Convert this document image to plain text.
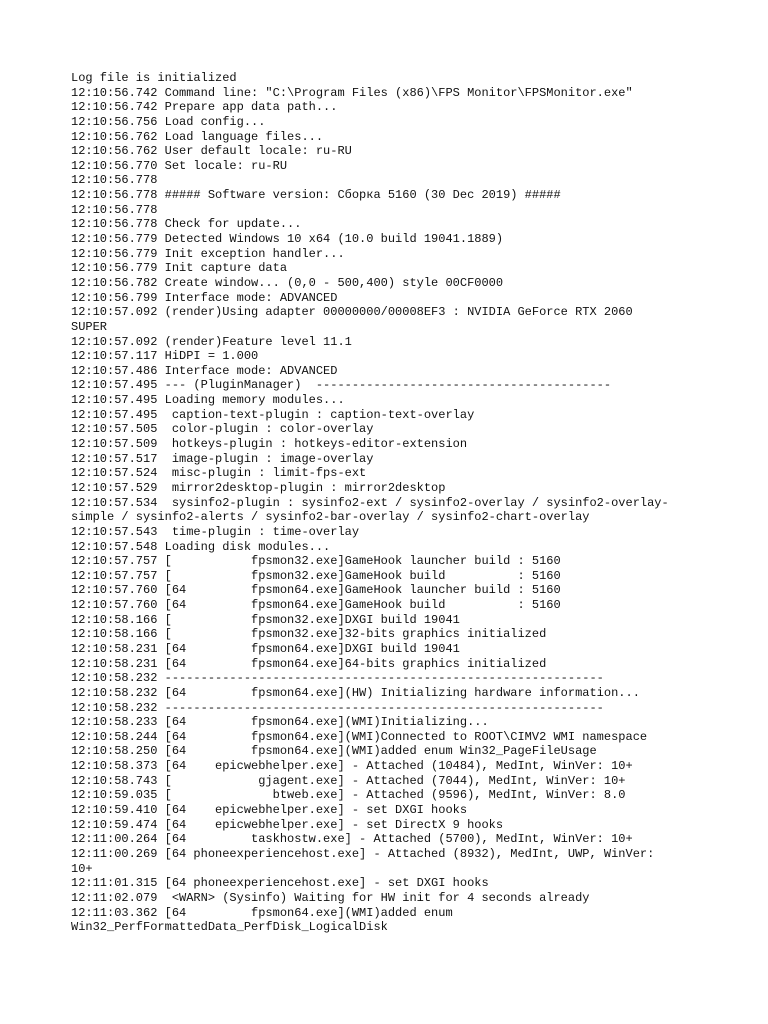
Log file is initialized
12:10:56.742 Command line: "C:\Program Files (x86)\FPS Monitor\FPSMonitor.exe"
12:10:56.742 Prepare app data path...
12:10:56.756 Load config...
12:10:56.762 Load language files...
12:10:56.762 User default locale: ru-RU
12:10:56.770 Set locale: ru-RU
12:10:56.778
12:10:56.778 ##### Software version: Сборка 5160 (30 Dec 2019) #####
12:10:56.778
12:10:56.778 Check for update...
12:10:56.779 Detected Windows 10 x64 (10.0 build 19041.1889)
12:10:56.779 Init exception handler...
12:10:56.779 Init capture data
12:10:56.782 Create window... (0,0 - 500,400) style 00CF0000
12:10:56.799 Interface mode: ADVANCED
12:10:57.092 (render)Using adapter 00000000/00008EF3 : NVIDIA GeForce RTX 2060
SUPER
12:10:57.092 (render)Feature level 11.1
12:10:57.117 HiDPI = 1.000
12:10:57.486 Interface mode: ADVANCED
12:10:57.495 --- (PluginManager)  -----------------------------------------
12:10:57.495 Loading memory modules...
12:10:57.495  caption-text-plugin : caption-text-overlay
12:10:57.505  color-plugin : color-overlay
12:10:57.509  hotkeys-plugin : hotkeys-editor-extension
12:10:57.517  image-plugin : image-overlay
12:10:57.524  misc-plugin : limit-fps-ext
12:10:57.529  mirror2desktop-plugin : mirror2desktop
12:10:57.534  sysinfo2-plugin : sysinfo2-ext / sysinfo2-overlay / sysinfo2-overlay-
simple / sysinfo2-alerts / sysinfo2-bar-overlay / sysinfo2-chart-overlay
12:10:57.543  time-plugin : time-overlay
12:10:57.548 Loading disk modules...
12:10:57.757 [           fpsmon32.exe]GameHook launcher build : 5160
12:10:57.757 [           fpsmon32.exe]GameHook build          : 5160
12:10:57.760 [64         fpsmon64.exe]GameHook launcher build : 5160
12:10:57.760 [64         fpsmon64.exe]GameHook build          : 5160
12:10:58.166 [           fpsmon32.exe]DXGI build 19041
12:10:58.166 [           fpsmon32.exe]32-bits graphics initialized
12:10:58.231 [64         fpsmon64.exe]DXGI build 19041
12:10:58.231 [64         fpsmon64.exe]64-bits graphics initialized
12:10:58.232 -------------------------------------------------------------
12:10:58.232 [64         fpsmon64.exe](HW) Initializing hardware information...
12:10:58.232 -------------------------------------------------------------
12:10:58.233 [64         fpsmon64.exe](WMI)Initializing...
12:10:58.244 [64         fpsmon64.exe](WMI)Connected to ROOT\CIMV2 WMI namespace
12:10:58.250 [64         fpsmon64.exe](WMI)added enum Win32_PageFileUsage
12:10:58.373 [64    epicwebhelper.exe] - Attached (10484), MedInt, WinVer: 10+
12:10:58.743 [            gjagent.exe] - Attached (7044), MedInt, WinVer: 10+
12:10:59.035 [              btweb.exe] - Attached (9596), MedInt, WinVer: 8.0
12:10:59.410 [64    epicwebhelper.exe] - set DXGI hooks
12:10:59.474 [64    epicwebhelper.exe] - set DirectX 9 hooks
12:11:00.264 [64         taskhostw.exe] - Attached (5700), MedInt, WinVer: 10+
12:11:00.269 [64 phoneexperiencehost.exe] - Attached (8932), MedInt, UWP, WinVer:
10+
12:11:01.315 [64 phoneexperiencehost.exe] - set DXGI hooks
12:11:02.079  <WARN> (Sysinfo) Waiting for HW init for 4 seconds already
12:11:03.362 [64         fpsmon64.exe](WMI)added enum
Win32_PerfFormattedData_PerfDisk_LogicalDisk
